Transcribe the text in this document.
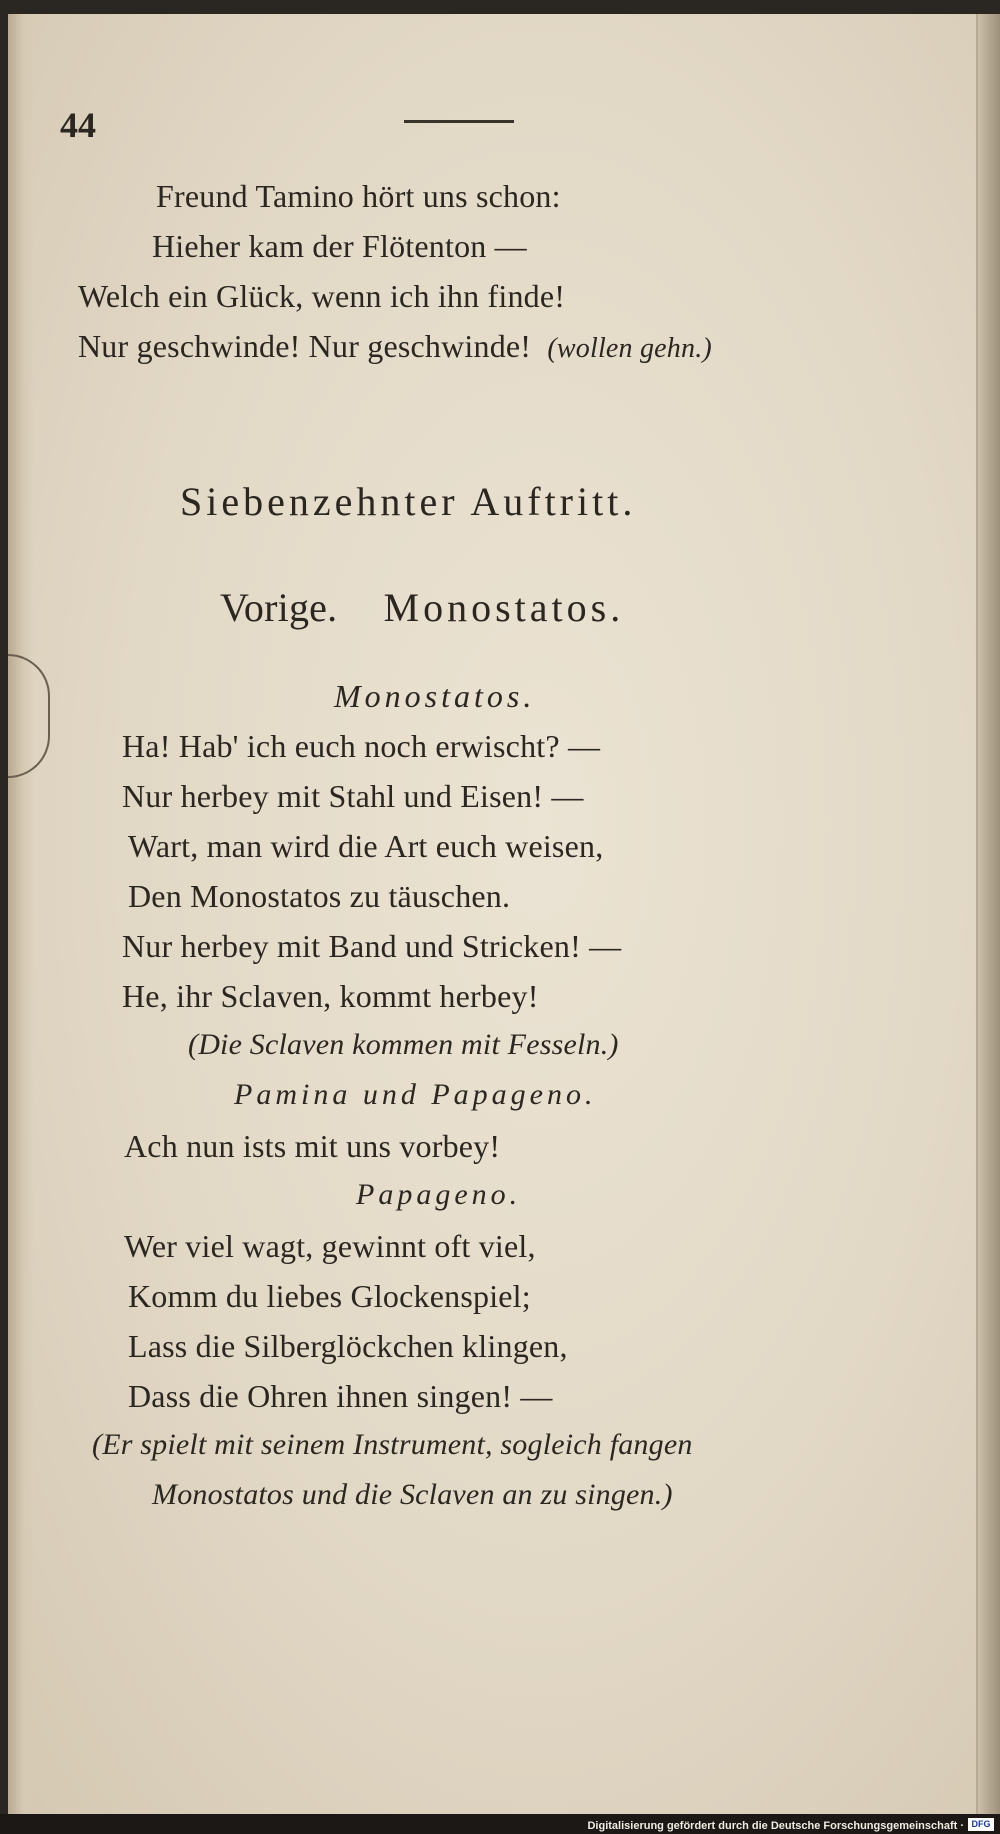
44
Freund Tamino hört uns schon:
Hieher kam der Flötenton —
Welch ein Glück, wenn ich ihn finde!
Nur geschwinde! Nur geschwinde! (wollen gehn.)
Siebenzehnter Auftritt.
Vorige. Monostatos.
Monostatos.
Ha! Hab' ich euch noch erwischt? —
Nur herbey mit Stahl und Eisen! —
Wart, man wird die Art euch weisen,
Den Monostatos zu täuschen.
Nur herbey mit Band und Stricken! —
He, ihr Sclaven, kommt herbey!
(Die Sclaven kommen mit Fesseln.)
Pamina und Papageno.
Ach nun ists mit uns vorbey!
Papageno.
Wer viel wagt, gewinnt oft viel,
Komm du liebes Glockenspiel;
Lass die Silberglöckchen klingen,
Dass die Ohren ihnen singen! —
(Er spielt mit seinem Instrument, sogleich fangen
Monostatos und die Sclaven an zu singen.)
Digitalisierung gefördert durch die Deutsche Forschungsgemeinschaft · DFG
